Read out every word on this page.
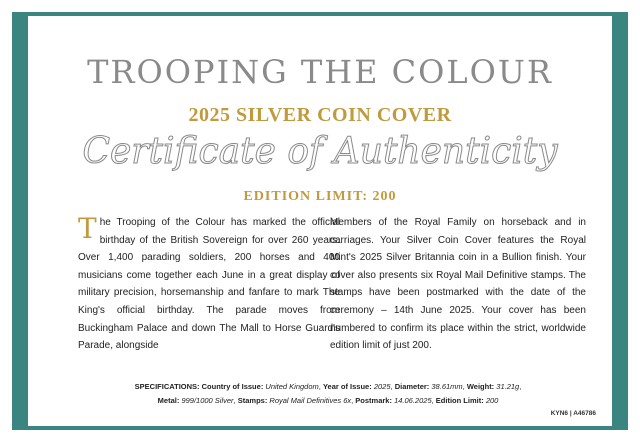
TROOPING THE COLOUR
2025 SILVER COIN COVER
Certificate of Authenticity
EDITION LIMIT: 200
The Trooping of the Colour has marked the official birthday of the British Sovereign for over 260 years. Over 1,400 parading soldiers, 200 horses and 400 musicians come together each June in a great display of military precision, horsemanship and fanfare to mark The King's official birthday. The parade moves from Buckingham Palace and down The Mall to Horse Guard's Parade, alongside
Members of the Royal Family on horseback and in carriages. Your Silver Coin Cover features the Royal Mint's 2025 Silver Britannia coin in a Bullion finish. Your cover also presents six Royal Mail Definitive stamps. The stamps have been postmarked with the date of the ceremony – 14th June 2025. Your cover has been numbered to confirm its place within the strict, worldwide edition limit of just 200.
SPECIFICATIONS: Country of Issue: United Kingdom, Year of Issue: 2025, Diameter: 38.61mm, Weight: 31.21g,
Metal: 999/1000 Silver, Stamps: Royal Mail Definitives 6x, Postmark: 14.06.2025, Edition Limit: 200
KYN6 | A46786
